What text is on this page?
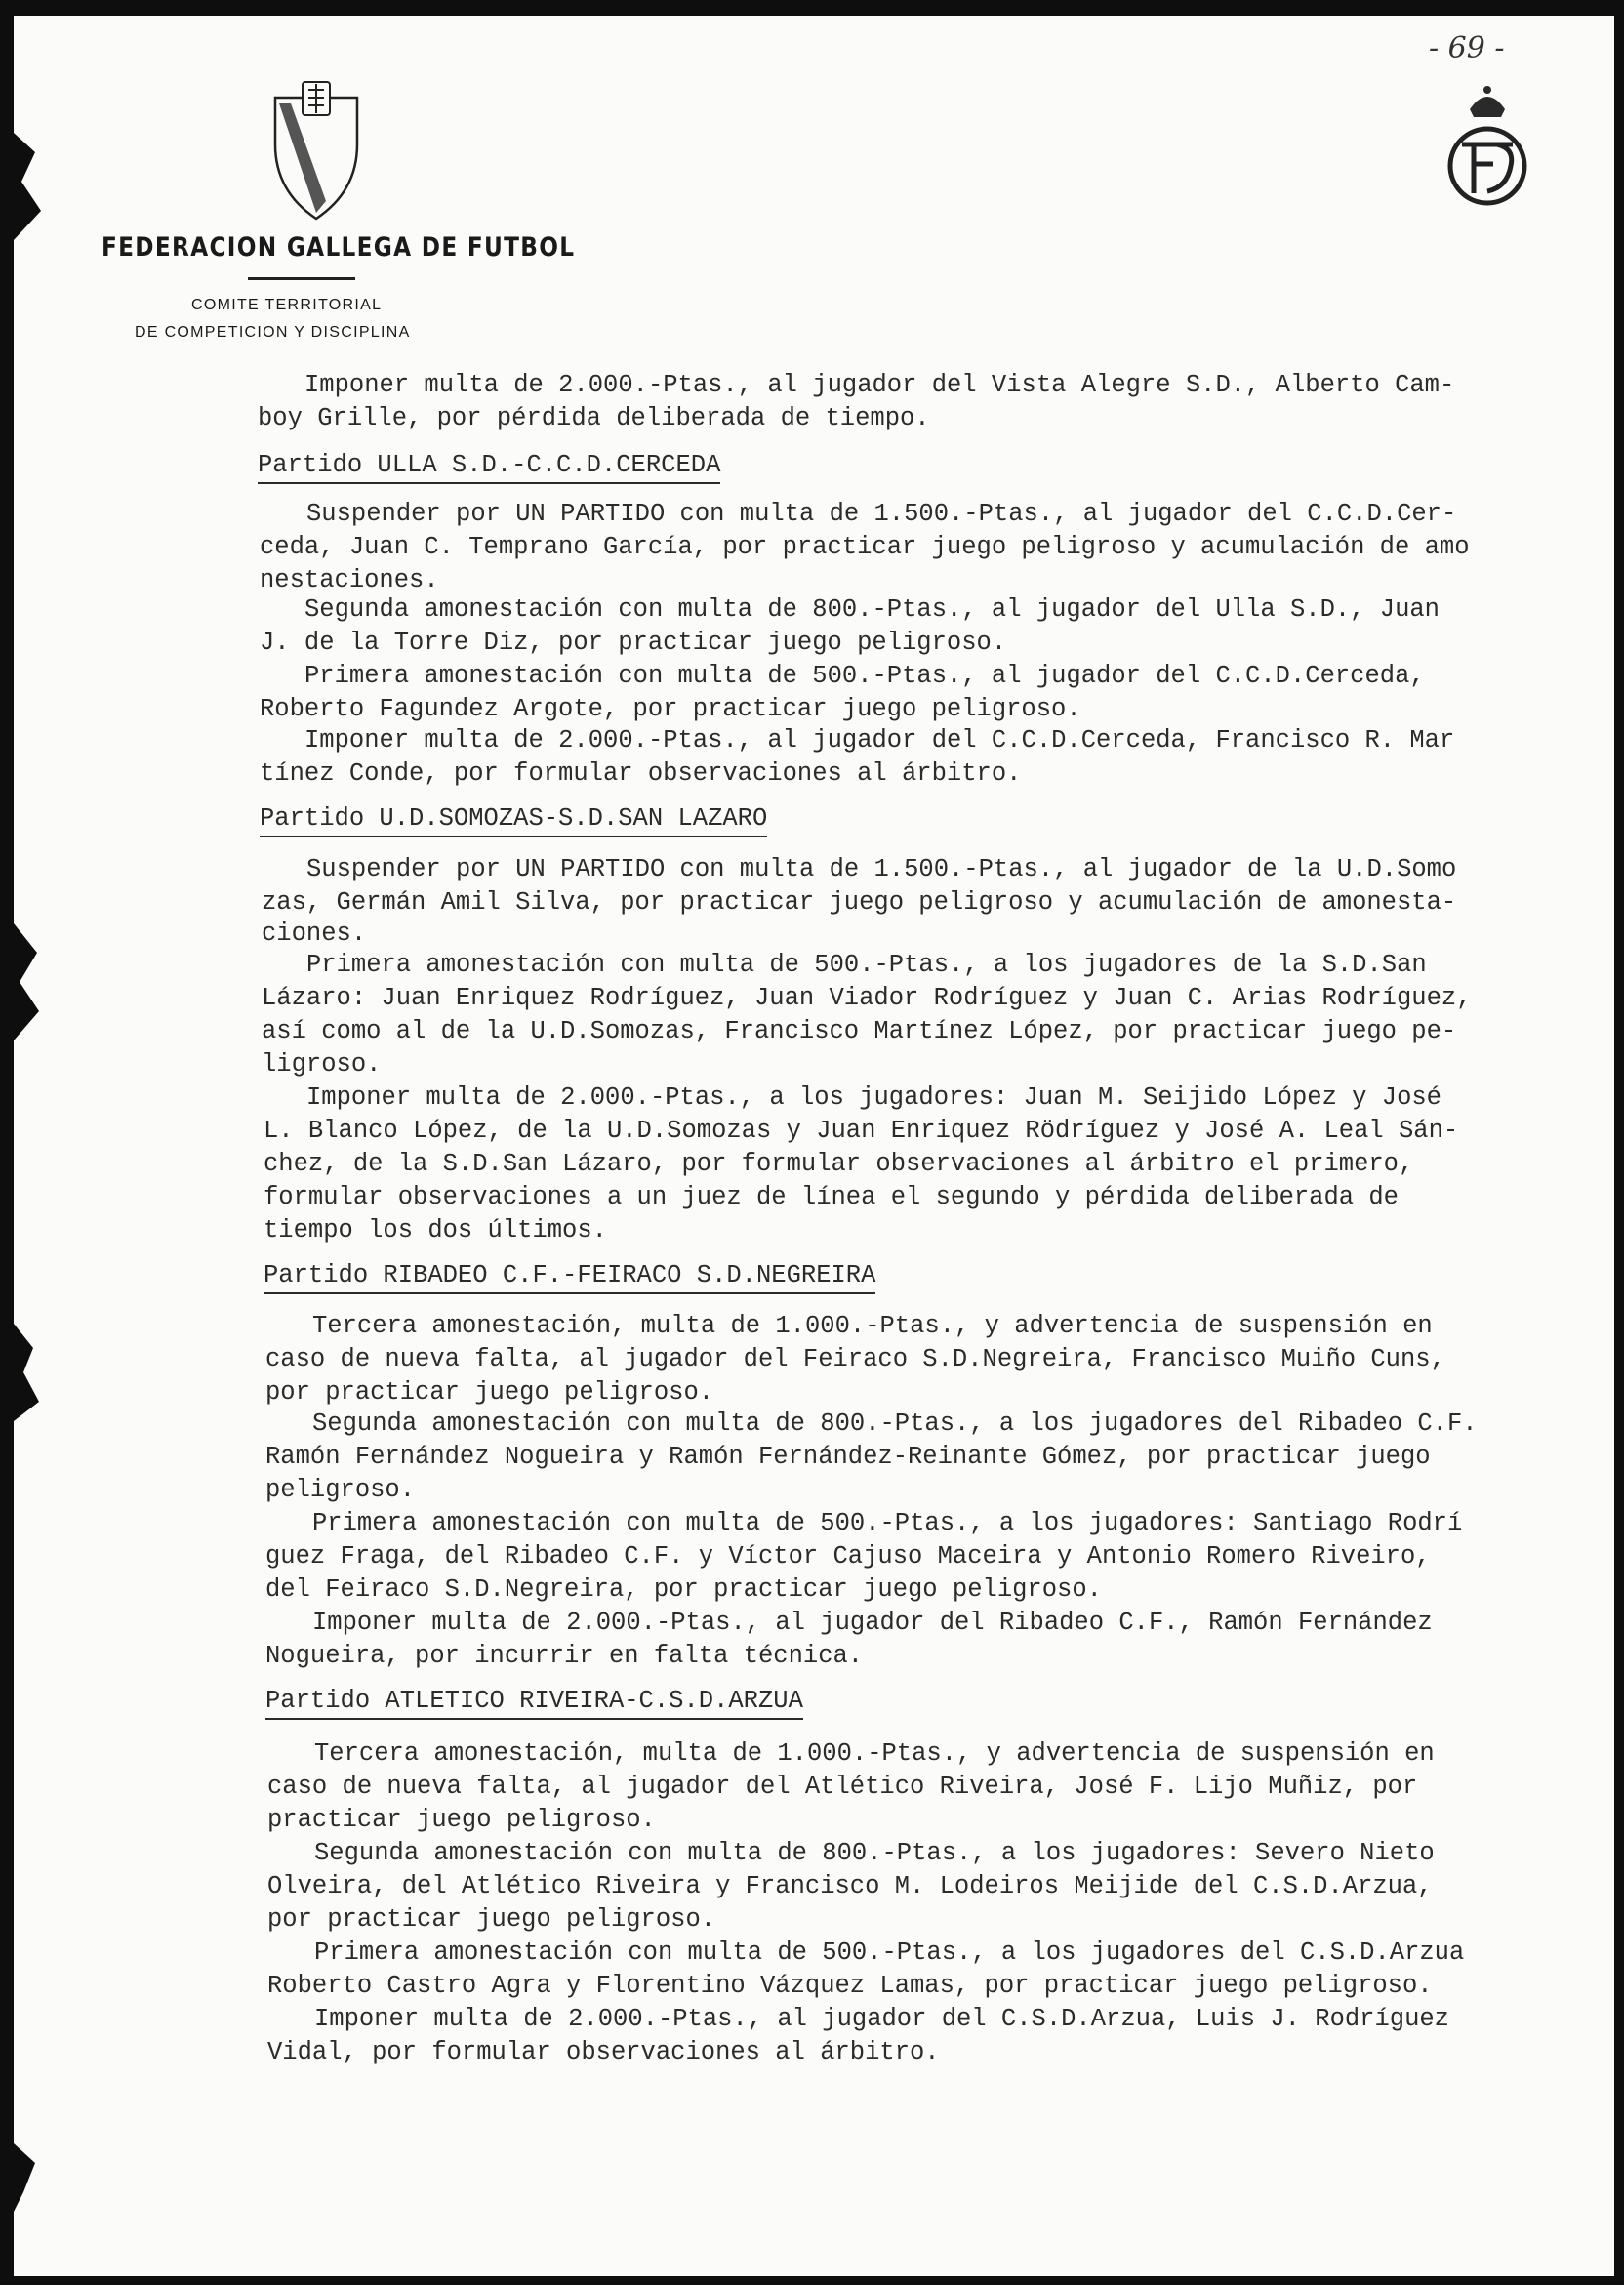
- 69 -
FEDERACION GALLEGA DE FUTBOL
COMITE TERRITORIAL
DE COMPETICION Y DISCIPLINA
Imponer multa de 2.000.-Ptas., al jugador del Vista Alegre S.D., Alberto Cam-
boy Grille, por pérdida deliberada de tiempo.
Partido ULLA S.D.-C.C.D.CERCEDA
Suspender por UN PARTIDO con multa de 1.500.-Ptas., al jugador del C.C.D.Cer-
ceda, Juan C. Temprano García, por practicar juego peligroso y acumulación de amo
nestaciones.
Segunda amonestación con multa de 800.-Ptas., al jugador del Ulla S.D., Juan
J. de la Torre Diz, por practicar juego peligroso.
Primera amonestación con multa de 500.-Ptas., al jugador del C.C.D.Cerceda,
Roberto Fagundez Argote, por practicar juego peligroso.
Imponer multa de 2.000.-Ptas., al jugador del C.C.D.Cerceda, Francisco R. Mar
tínez Conde, por formular observaciones al árbitro.
Partido U.D.SOMOZAS-S.D.SAN LAZARO
Suspender por UN PARTIDO con multa de 1.500.-Ptas., al jugador de la U.D.Somo
zas, Germán Amil Silva, por practicar juego peligroso y acumulación de amonesta-
ciones.
Primera amonestación con multa de 500.-Ptas., a los jugadores de la S.D.San
Lázaro: Juan Enriquez Rodríguez, Juan Viador Rodríguez y Juan C. Arias Rodríguez,
así como al de la U.D.Somozas, Francisco Martínez López, por practicar juego pe-
ligroso.
Imponer multa de 2.000.-Ptas., a los jugadores: Juan M. Seijido López y José
L. Blanco López, de la U.D.Somozas y Juan Enriquez Rödríguez y José A. Leal Sán-
chez, de la S.D.San Lázaro, por formular observaciones al árbitro el primero,
formular observaciones a un juez de línea el segundo y pérdida deliberada de
tiempo los dos últimos.
Partido RIBADEO C.F.-FEIRACO S.D.NEGREIRA
Tercera amonestación, multa de 1.000.-Ptas., y advertencia de suspensión en
caso de nueva falta, al jugador del Feiraco S.D.Negreira, Francisco Muiño Cuns,
por practicar juego peligroso.
Segunda amonestación con multa de 800.-Ptas., a los jugadores del Ribadeo C.F.
Ramón Fernández Nogueira y Ramón Fernández-Reinante Gómez, por practicar juego
peligroso.
Primera amonestación con multa de 500.-Ptas., a los jugadores: Santiago Rodrí
guez Fraga, del Ribadeo C.F. y Víctor Cajuso Maceira y Antonio Romero Riveiro,
del Feiraco S.D.Negreira, por practicar juego peligroso.
Imponer multa de 2.000.-Ptas., al jugador del Ribadeo C.F., Ramón Fernández
Nogueira, por incurrir en falta técnica.
Partido ATLETICO RIVEIRA-C.S.D.ARZUA
Tercera amonestación, multa de 1.000.-Ptas., y advertencia de suspensión en
caso de nueva falta, al jugador del Atlético Riveira, José F. Lijo Muñiz, por
practicar juego peligroso.
Segunda amonestación con multa de 800.-Ptas., a los jugadores: Severo Nieto
Olveira, del Atlético Riveira y Francisco M. Lodeiros Meijide del C.S.D.Arzua,
por practicar juego peligroso.
Primera amonestación con multa de 500.-Ptas., a los jugadores del C.S.D.Arzua
Roberto Castro Agra y Florentino Vázquez Lamas, por practicar juego peligroso.
Imponer multa de 2.000.-Ptas., al jugador del C.S.D.Arzua, Luis J. Rodríguez
Vidal, por formular observaciones al árbitro.
